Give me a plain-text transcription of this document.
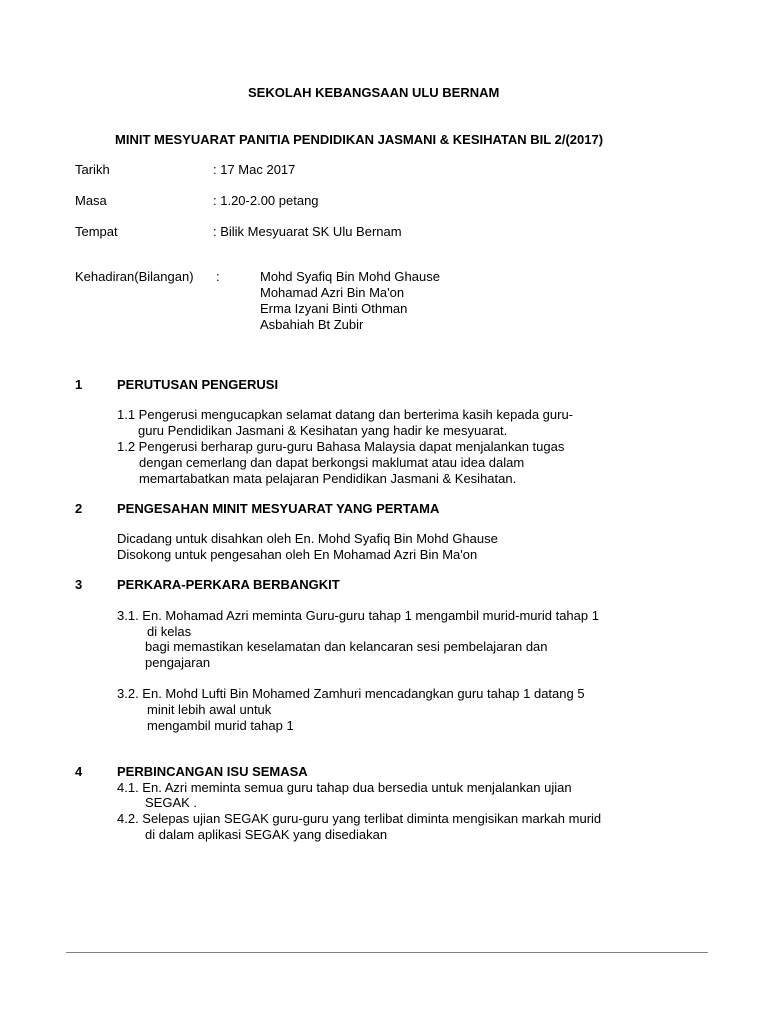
SEKOLAH KEBANGSAAN ULU BERNAM
MINIT MESYUARAT PANITIA PENDIDIKAN JASMANI & KESIHATAN BIL 2/(2017)
Tarikh	: 17 Mac 2017
Masa	: 1.20-2.00 petang
Tempat	: Bilik Mesyuarat SK Ulu Bernam
Kehadiran(Bilangan) :	Mohd Syafiq Bin Mohd Ghause
Mohamad Azri Bin Ma'on
Erma Izyani Binti Othman
Asbahiah Bt Zubir
1	PERUTUSAN PENGERUSI
1.1 Pengerusi mengucapkan selamat datang dan berterima kasih kepada guru-
guru Pendidikan Jasmani & Kesihatan yang hadir ke mesyuarat.
1.2 Pengerusi berharap guru-guru Bahasa Malaysia dapat menjalankan tugas
dengan cemerlang dan dapat berkongsi maklumat atau idea dalam
memartabatkan mata pelajaran Pendidikan Jasmani & Kesihatan.
2	PENGESAHAN MINIT MESYUARAT YANG PERTAMA
Dicadang untuk disahkan oleh En. Mohd Syafiq Bin Mohd Ghause
Disokong untuk pengesahan oleh En Mohamad Azri Bin Ma'on
3	PERKARA-PERKARA BERBANGKIT
3.1. En. Mohamad Azri meminta Guru-guru tahap 1 mengambil murid-murid tahap 1
di kelas
bagi memastikan keselamatan dan kelancaran sesi pembelajaran dan
pengajaran
3.2. En. Mohd Lufti Bin Mohamed Zamhuri mencadangkan guru tahap 1 datang 5
minit lebih awal untuk
mengambil murid tahap 1
4	PERBINCANGAN ISU SEMASA
4.1. En. Azri meminta semua guru tahap dua bersedia untuk menjalankan ujian
SEGAK .
4.2. Selepas ujian SEGAK guru-guru yang terlibat diminta mengisikan markah murid
di dalam aplikasi SEGAK yang disediakan
